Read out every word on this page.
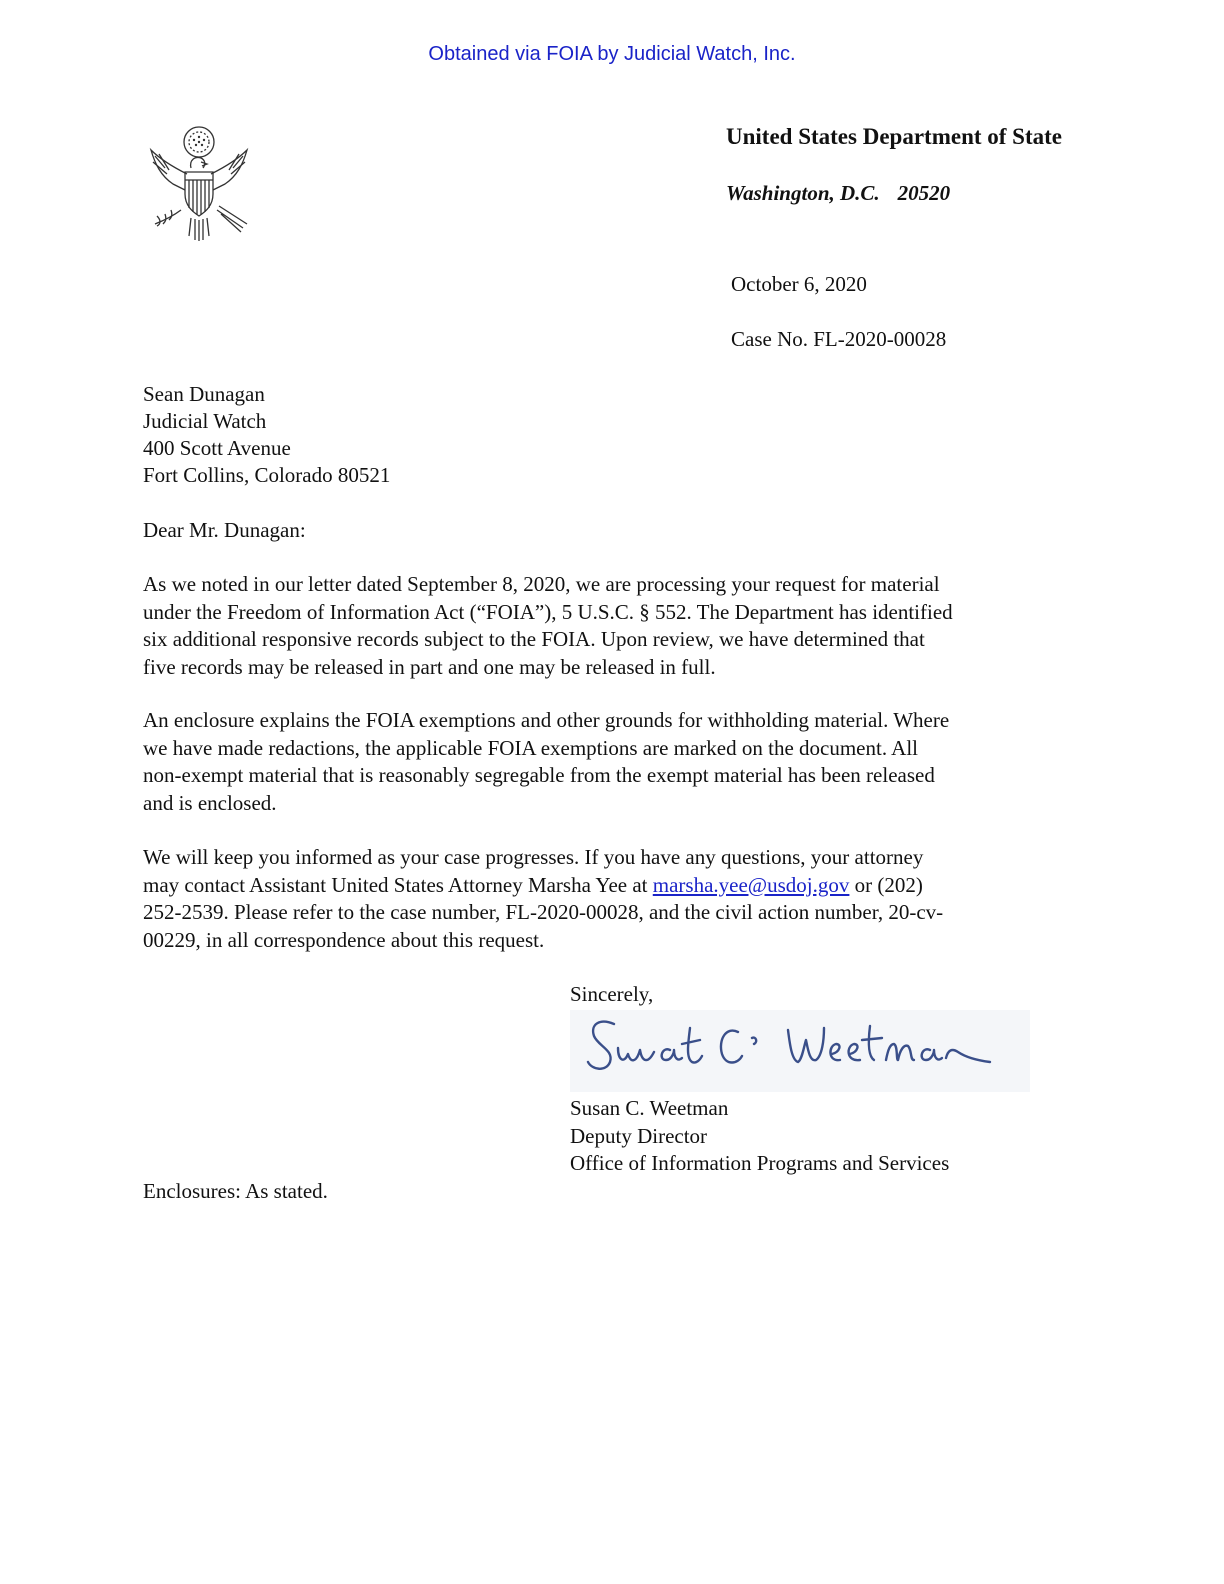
Obtained via FOIA by Judicial Watch, Inc.
United States Department of State
Washington, D.C. 20520
October 6, 2020
Case No. FL-2020-00028
Sean Dunagan
Judicial Watch
400 Scott Avenue
Fort Collins, Colorado 80521
Dear Mr. Dunagan:
As we noted in our letter dated September 8, 2020, we are processing your request for material
under the Freedom of Information Act (“FOIA”), 5 U.S.C. § 552. The Department has identified
six additional responsive records subject to the FOIA. Upon review, we have determined that
five records may be released in part and one may be released in full.
An enclosure explains the FOIA exemptions and other grounds for withholding material. Where
we have made redactions, the applicable FOIA exemptions are marked on the document. All
non-exempt material that is reasonably segregable from the exempt material has been released
and is enclosed.
We will keep you informed as your case progresses. If you have any questions, your attorney
may contact Assistant United States Attorney Marsha Yee at marsha.yee@usdoj.gov or (202)
252-2539. Please refer to the case number, FL-2020-00028, and the civil action number, 20-cv-
00229, in all correspondence about this request.
Sincerely,
Susan C. Weetman
Deputy Director
Office of Information Programs and Services
Enclosures: As stated.
